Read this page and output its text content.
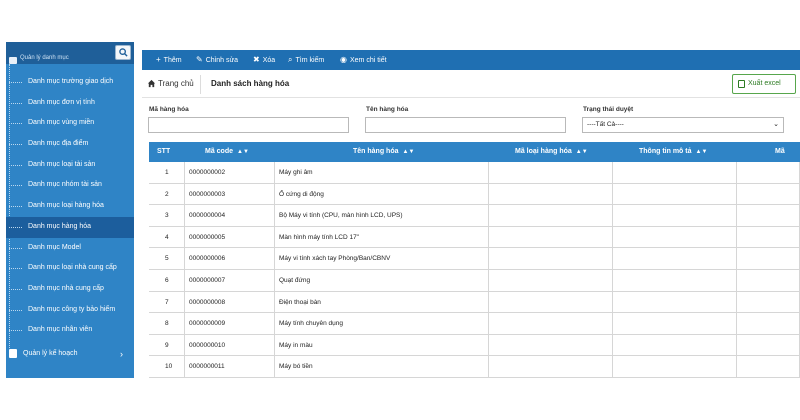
Quản lý danh mục
Danh mục trường giao dịch
Danh mục đơn vị tính
Danh mục vùng miền
Danh mục địa điểm
Danh mục loại tài sản
Danh mục nhóm tài sản
Danh mục loại hàng hóa
Danh mục hàng hóa
Danh mục Model
Danh mục loại nhà cung cấp
Danh mục nhà cung cấp
Danh mục công ty bảo hiểm
Danh mục nhân viên
Quản lý kế hoạch	›
+ Thêm ✎ Chỉnh sửa ✖ Xóa ⌕ Tìm kiếm ◉ Xem chi tiết
Trang chủ Danh sách hàng hóa	Xuất excel
Mã hàng hóa	Tên hàng hóa	Trạng thái duyệt
----Tất Cả----	⌄
STT	Mã code ▲▼	Tên hàng hóa ▲▼	Mã loại hàng hóa ▲▼	Thông tin mô tả ▲▼	Mã
1	0000000002	Máy ghi âm
2	0000000003	Ổ cứng di động
3	0000000004	Bộ Máy vi tính (CPU, màn hình LCD, UPS)
4	0000000005	Màn hình máy tính LCD 17"
5	0000000006	Máy vi tính xách tay Phòng/Ban/CBNV
6	0000000007	Quạt đứng
7	0000000008	Điện thoại bàn
8	0000000009	Máy tính chuyên dụng
9	0000000010	Máy in màu
10	0000000011	Máy bó tiền
